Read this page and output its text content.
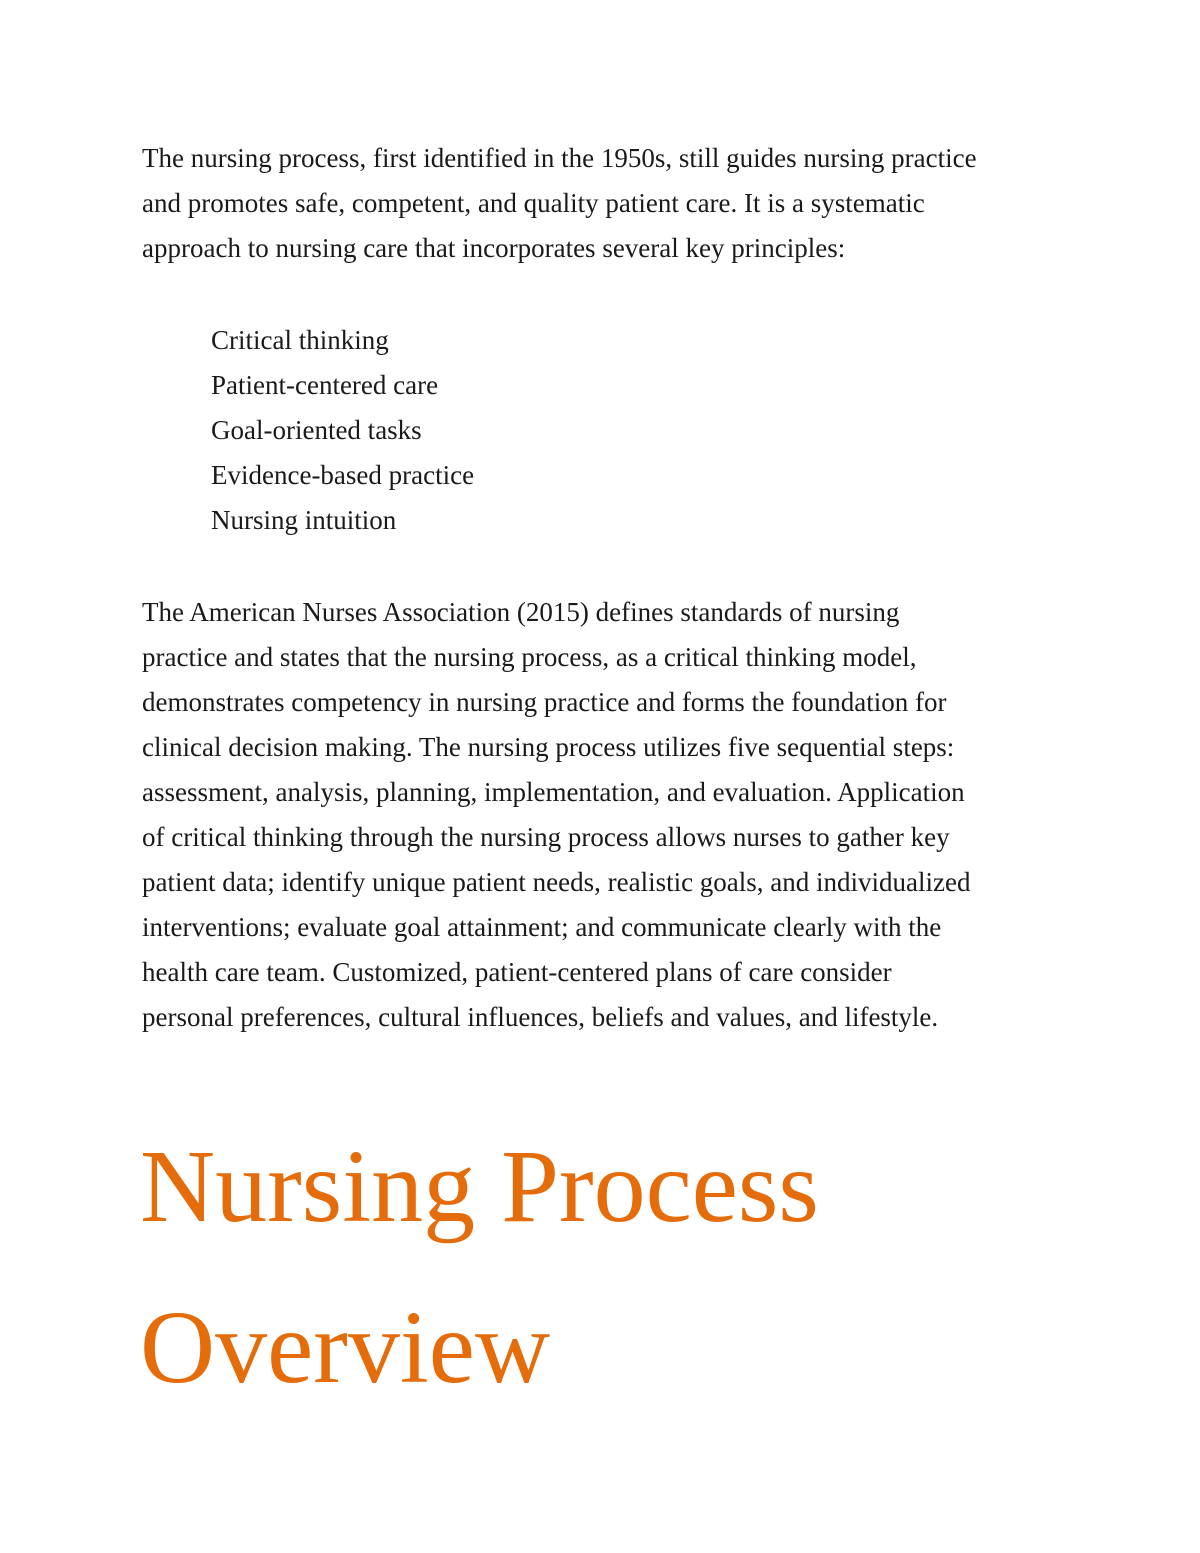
The nursing process, first identified in the 1950s, still guides nursing practice
and promotes safe, competent, and quality patient care. It is a systematic
approach to nursing care that incorporates several key principles:

Critical thinking
Patient-centered care
Goal-oriented tasks
Evidence-based practice
Nursing intuition

The American Nurses Association (2015) defines standards of nursing
practice and states that the nursing process, as a critical thinking model,
demonstrates competency in nursing practice and forms the foundation for
clinical decision making. The nursing process utilizes five sequential steps:
assessment, analysis, planning, implementation, and evaluation. Application
of critical thinking through the nursing process allows nurses to gather key
patient data; identify unique patient needs, realistic goals, and individualized
interventions; evaluate goal attainment; and communicate clearly with the
health care team. Customized, patient-centered plans of care consider
personal preferences, cultural influences, beliefs and values, and lifestyle.

Nursing Process
Overview
